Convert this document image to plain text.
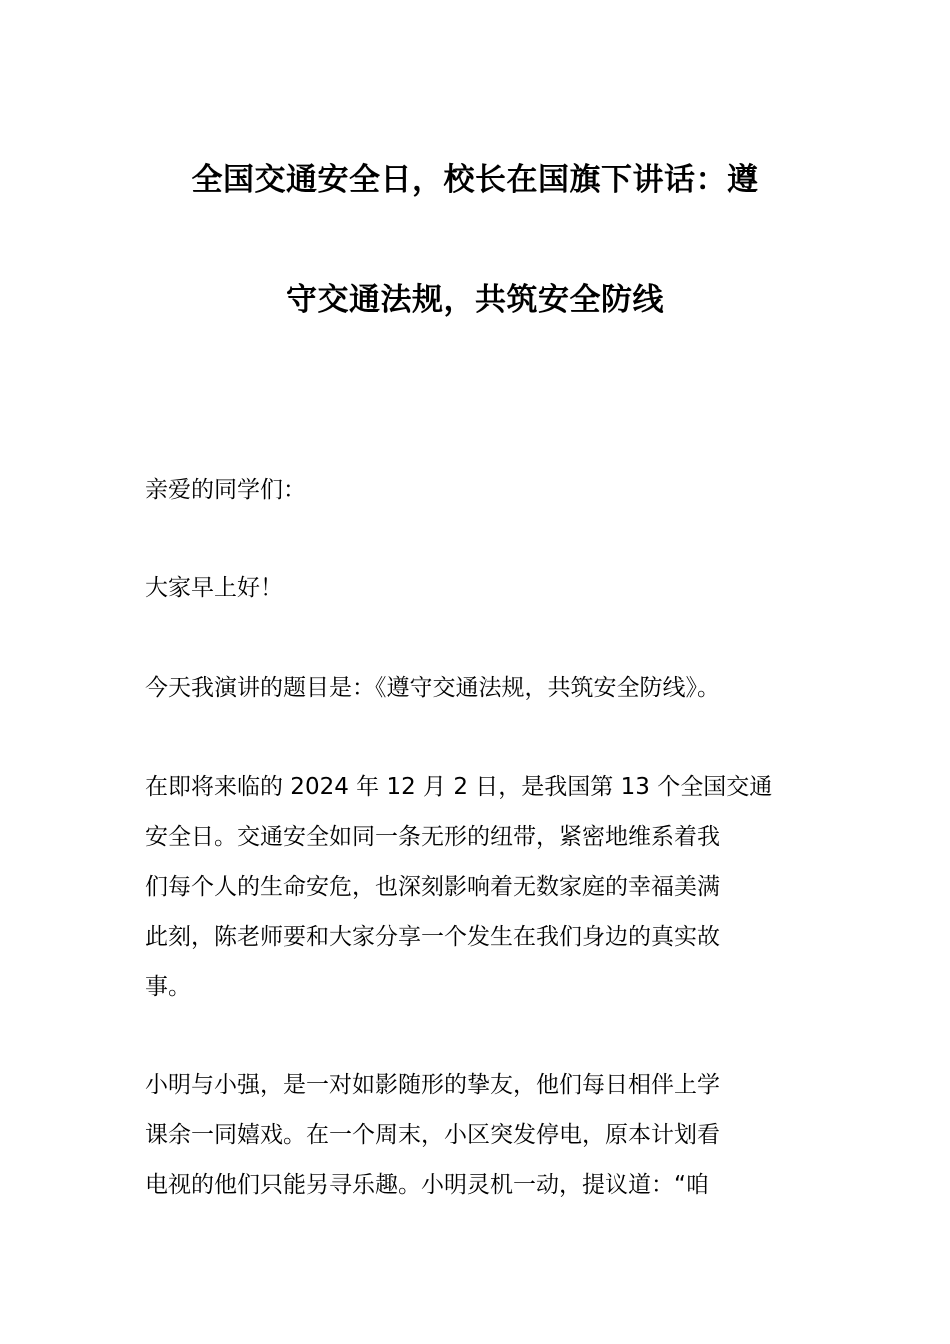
全国交通安全日，校长在国旗下讲话：遵
守交通法规，共筑安全防线
亲爱的同学们：
大家早上好！
今天我演讲的题目是：《遵守交通法规，共筑安全防线》。
在即将来临的 2024 年 12 月 2 日，是我国第 13 个全国交通
安全日。交通安全如同一条无形的纽带，紧密地维系着我
们每个人的生命安危，也深刻影响着无数家庭的幸福美满
此刻，陈老师要和大家分享一个发生在我们身边的真实故
事。
小明与小强，是一对如影随形的挚友，他们每日相伴上学
课余一同嬉戏。在一个周末，小区突发停电，原本计划看
电视的他们只能另寻乐趣。小明灵机一动，提议道：“咱
